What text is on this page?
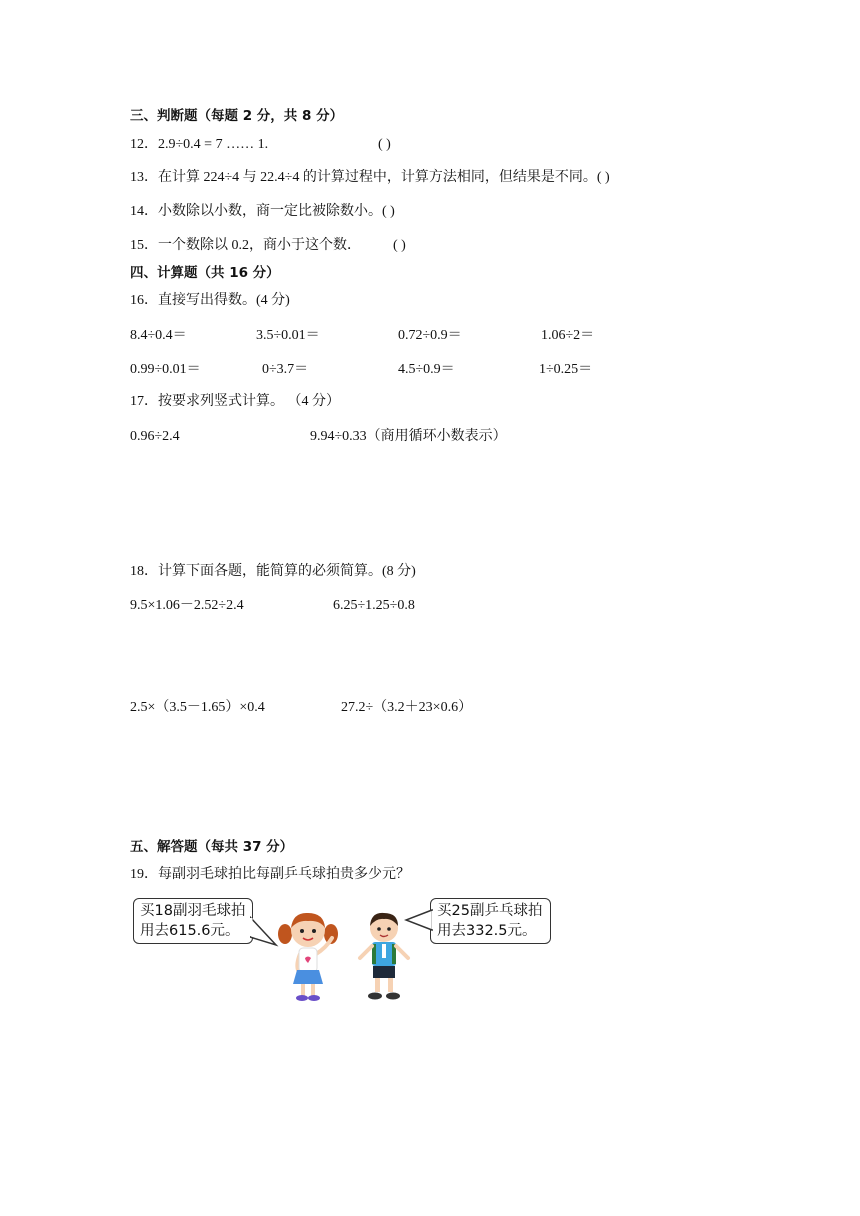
三、判断题（每题 2 分，共 8 分）
12．2.9÷0.4 = 7 …… 1.	( )
13．在计算 224÷4 与 22.4÷4 的计算过程中，计算方法相同，但结果是不同。( )
14．小数除以小数，商一定比被除数小。( )
15．一个数除以 0.2，商小于这个数． ( )
四、计算题（共 16 分）
16．直接写出得数。(4 分)
8.4÷0.4＝	3.5÷0.01＝	0.72÷0.9＝	1.06÷2＝
0.99÷0.01＝	0÷3.7＝	4.5÷0.9＝	1÷0.25＝
17．按要求列竖式计算。 （4 分）
0.96÷2.4	9.94÷0.33（商用循环小数表示）
18．计算下面各题，能简算的必须简算。(8 分)
9.5×1.06－2.52÷2.4	6.25÷1.25÷0.8
2.5×（3.5－1.65）×0.4	27.2÷（3.2＋23×0.6）
五、解答题（每共 37 分）
19．每副羽毛球拍比每副乒乓球拍贵多少元？
买18副羽毛球拍
用去615.6元。
买25副乒乓球拍
用去332.5元。
